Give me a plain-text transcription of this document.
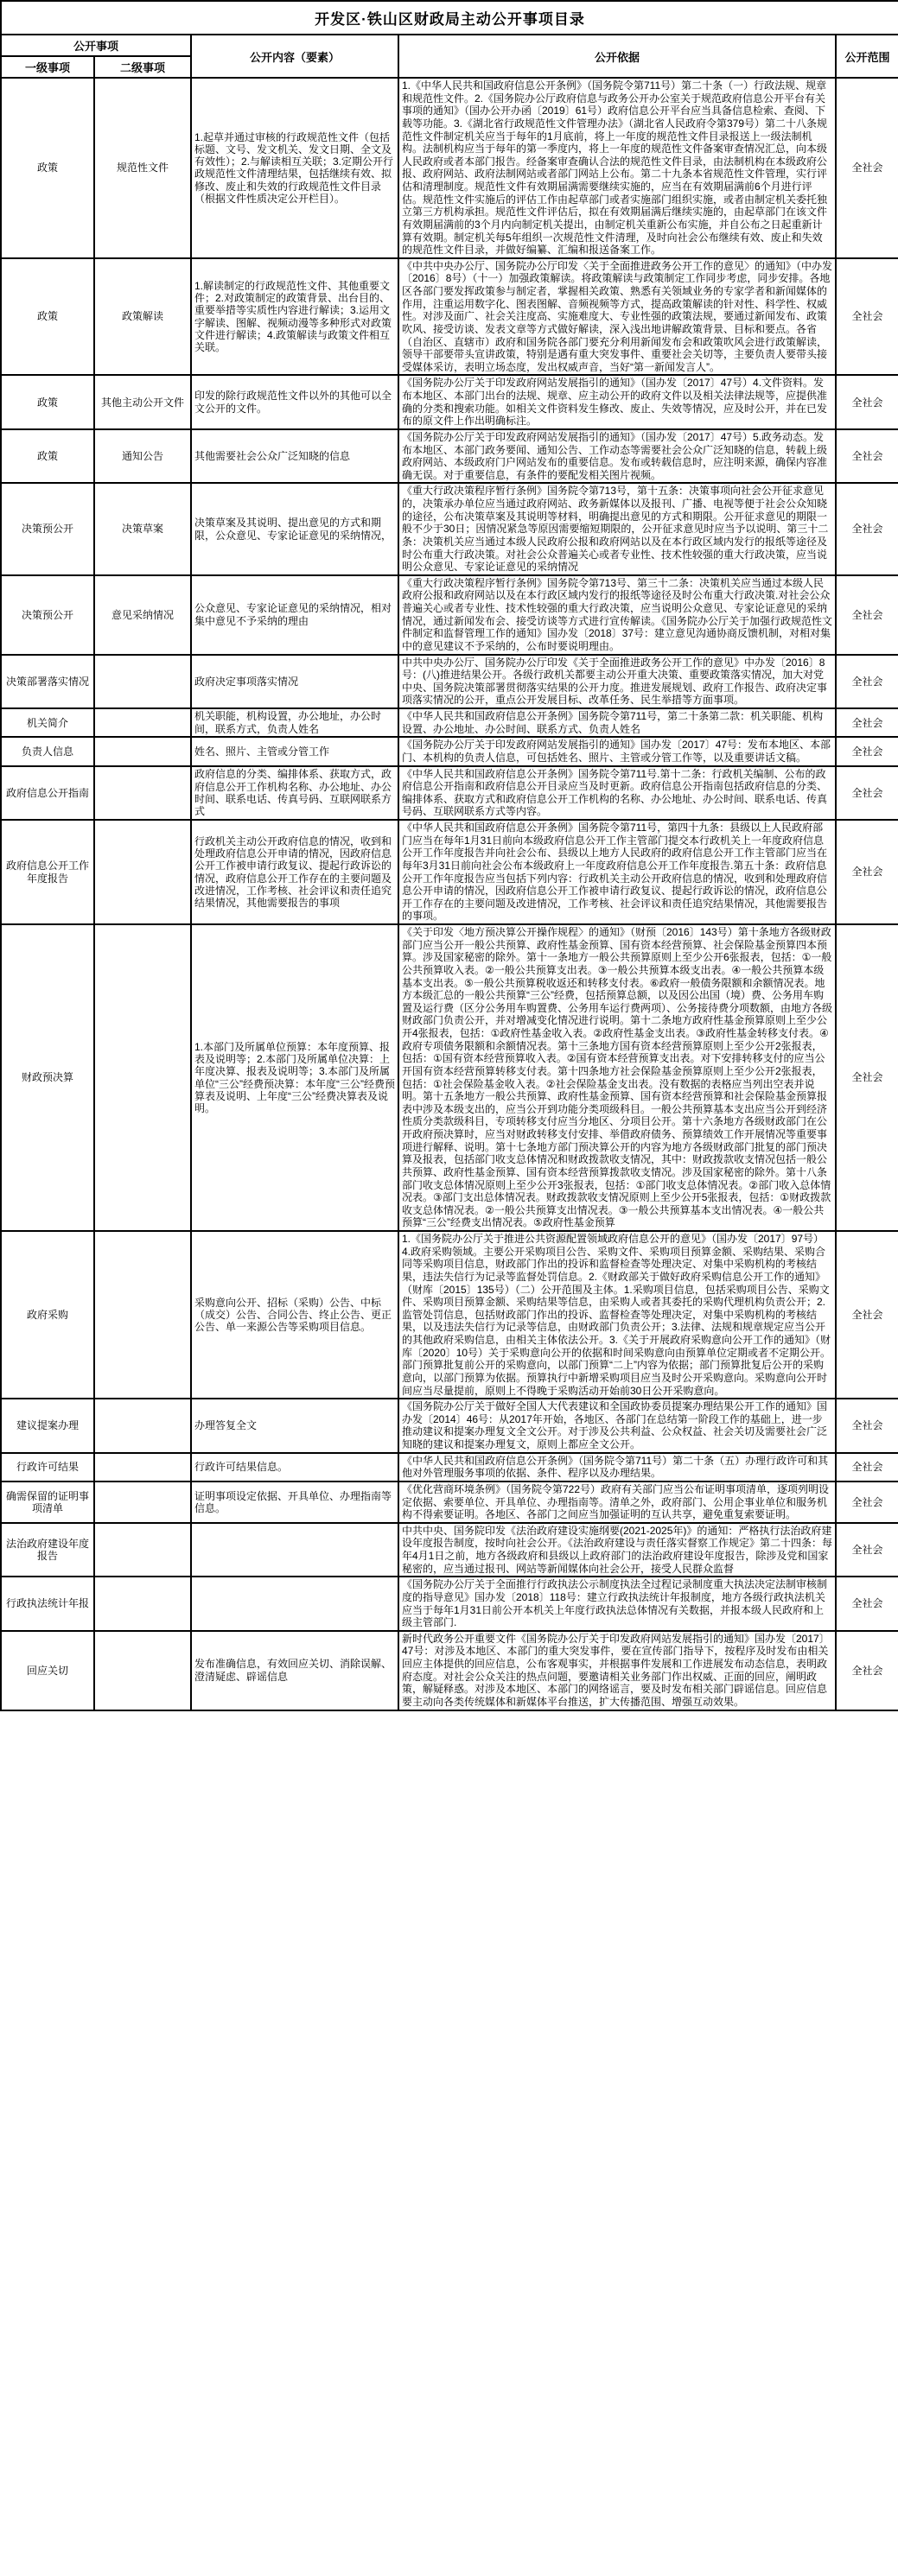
开发区·铁山区财政局主动公开事项目录				
公开事项		公开内容（要素）	公开依据	公开范围
一级事项	二级事项			
政策	规范性文件	1.起草并通过审核的行政规范性文件（包括标题、文号、发文机关、发文日期、全文及有效性）；2.与解读相互关联；3.定期公开行政规范性文件清理结果，包括继续有效、拟修改、废止和失效的行政规范性文件目录（根据文件性质决定公开栏目）。	1.《中华人民共和国政府信息公开条例》（国务院令第711号）第二十条（一）行政法规、规章和规范性文件。2.《国务院办公厅政府信息与政务公开办公室关于规范政府信息公开平台有关事项的通知》（国办公开办函〔2019〕61号）政府信息公开平台应当具备信息检索、查阅、下载等功能。3.《湖北省行政规范性文件管理办法》（湖北省人民政府令第379号）第二十八条规范性文件制定机关应当于每年的1月底前，将上一年度的规范性文件目录报送上一级法制机构。法制机构应当于每年的第一季度内，将上一年度的规范性文件备案审查情况汇总，向本级人民政府或者本部门报告。经备案审查确认合法的规范性文件目录，由法制机构在本级政府公报、政府网站、政府法制网站或者部门网站上公布。第二十九条本省规范性文件管理，实行评估和清理制度。规范性文件有效期届满需要继续实施的，应当在有效期届满前6个月进行评估。规范性文件实施后的评估工作由起草部门或者实施部门组织实施，或者由制定机关委托独立第三方机构承担。规范性文件评估后，拟在有效期届满后继续实施的，由起草部门在该文件有效期届满前的3个月内向制定机关提出，由制定机关重新公布实施，并自公布之日起重新计算有效期。制定机关每5年组织一次规范性文件清理，及时向社会公布继续有效、废止和失效的规范性文件目录，并做好编纂、汇编和报送备案工作。	全社会
政策	政策解读	1.解读制定的行政规范性文件、其他重要文件；2.对政策制定的政策背景、出台目的、重要举措等实质性内容进行解读；3.运用文字解读、图解、视频动漫等多种形式对政策文件进行解读；4.政策解读与政策文件相互关联。	《中共中央办公厅、国务院办公厅印发〈关于全面推进政务公开工作的意见〉的通知》（中办发〔2016〕8号）（十一）加强政策解读。将政策解读与政策制定工作同步考虑，同步安排。各地区各部门要发挥政策参与制定者，掌握相关政策、熟悉有关领域业务的专家学者和新闻媒体的作用，注重运用数字化、图表图解、音频视频等方式，提高政策解读的针对性、科学性、权威性。对涉及面广、社会关注度高、实施难度大、专业性强的政策法规，要通过新闻发布、政策吹风、接受访谈、发表文章等方式做好解读，深入浅出地讲解政策背景、目标和要点。各省（自治区、直辖市）政府和国务院各部门要充分利用新闻发布会和政策吹风会进行政策解读，领导干部要带头宣讲政策，特别是遇有重大突发事件、重要社会关切等，主要负责人要带头接受媒体采访，表明立场态度，发出权威声音，当好“第一新闻发言人”。	全社会
政策	其他主动公开文件	印发的除行政规范性文件以外的其他可以全文公开的文件。	《国务院办公厅关于印发政府网站发展指引的通知》（国办发〔2017〕47号）4.文件资料。发布本地区、本部门出台的法规、规章、应主动公开的政府文件以及相关法律法规等，应提供准确的分类和搜索功能。如相关文件资料发生修改、废止、失效等情况，应及时公开，并在已发布的原文件上作出明确标注。	全社会
政策	通知公告	其他需要社会公众广泛知晓的信息	《国务院办公厅关于印发政府网站发展指引的通知》（国办发〔2017〕47号）5.政务动态。发布本地区、本部门政务要闻、通知公告、工作动态等需要社会公众广泛知晓的信息，转载上级政府网站、本级政府门户网站发布的重要信息。发布或转载信息时，应注明来源，确保内容准确无误。对于重要信息，有条件的要配发相关图片视频。	全社会
决策预公开	决策草案	决策草案及其说明、提出意见的方式和期限，公众意见、专家论证意见的采纳情况，	《重大行政决策程序暂行条例》国务院令第713号，第十五条：决策事项向社会公开征求意见的，决策承办单位应当通过政府网站、政务新媒体以及报刊、广播、电视等便于社会公众知晓的途径，公布决策草案及其说明等材料，明确提出意见的方式和期限。公开征求意见的期限一般不少于30日；因情况紧急等原因需要缩短期限的，公开征求意见时应当予以说明、第三十二条：决策机关应当通过本级人民政府公报和政府网站以及在本行政区域内发行的报纸等途径及时公布重大行政决策。对社会公众普遍关心或者专业性、技术性较强的重大行政决策，应当说明公众意见、专家论证意见的采纳情况	全社会
决策预公开	意见采纳情况	公众意见、专家论证意见的采纳情况，相对集中意见不予采纳的理由	《重大行政决策程序暂行条例》国务院令第713号、第三十二条：决策机关应当通过本级人民政府公报和政府网站以及在本行政区域内发行的报纸等途径及时公布重大行政决策.对社会公众普遍关心或者专业性、技术性较强的重大行政决策，应当说明公众意见、专家论证意见的采纳情况，通过新闻发布会、接受访谈等方式进行宣传解读。《国务院办公厅关于加强行政规范性文件制定和监督管理工作的通知》国办发〔2018〕37号：建立意见沟通协商反馈机制，对相对集中的意见建议不予采纳的，公布时要说明理由。	全社会
决策部署落实情况		政府决定事项落实情况	中共中央办公厅、国务院办公厅印发《关于全面推进政务公开工作的意见》中办发〔2016〕8号：(八)推进结果公开。各级行政机关都要主动公开重大决策、重要政策落实情况，加大对党中央、国务院决策部署贯彻落实结果的公开力度。推进发展规划、政府工作报告、政府决定事项落实情况的公开，重点公开发展目标、改革任务、民生举措等方面事项。	全社会
机关简介		机关职能，机构设置，办公地址，办公时间，联系方式，负责人姓名	《中华人民共和国政府信息公开条例》国务院令第711号，第二十条第二款：机关职能、机构设置、办公地址、办公时间、联系方式、负责人姓名	全社会
负责人信息		姓名、照片、主管或分管工作	《国务院办公厅关于印发政府网站发展指引的通知》国办发〔2017〕47号：发布本地区、本部门、本机构的负责人信息，可包括姓名、照片、主管或分管工作等，以及重要讲话文稿。	全社会
政府信息公开指南		政府信息的分类、编排体系、获取方式，政府信息公开工作机构名称、办公地址、办公时间、联系电话、传真号码、互联网联系方式	《中华人民共和国政府信息公开条例》国务院令第711号.第十二条：行政机关编制、公布的政府信息公开指南和政府信息公开目录应当及时更新。政府信息公开指南包括政府信息的分类、编排体系、获取方式和政府信息公开工作机构的名称、办公地址、办公时间、联系电话、传真号码、互联网联系方式等内容。	全社会
政府信息公开工作年度报告		行政机关主动公开政府信息的情况，收到和处理政府信息公开申请的情况，因政府信息公开工作被申请行政复议、提起行政诉讼的情况，政府信息公开工作存在的主要问题及改进情况，工作考核、社会评议和责任追究结果情况，其他需要报告的事项	《中华人民共和国政府信息公开条例》国务院令第711号，第四十九条：县级以上人民政府部门应当在每年1月31日前向本级政府信息公开工作主管部门提交本行政机关上一年度政府信息公开工作年度报告并向社会公布、县级以上地方人民政府的政府信息公开工作主管部门应当在每年3月31日前向社会公布本级政府上一年度政府信息公开工作年度报告.第五十条：政府信息公开工作年度报告应当包括下列内容：行政机关主动公开政府信息的情况，收到和处理政府信息公开申请的情况，因政府信息公开工作被申请行政复议、提起行政诉讼的情况，政府信息公开工作存在的主要问题及改进情况，工作考核、社会评议和责任追究结果情况，其他需要报告的事项。	全社会
财政预决算		1.本部门及所属单位预算：本年度预算、报表及说明等；2.本部门及所属单位决算：上年度决算、报表及说明等；3.本部门及所属单位“三公”经费预决算：本年度“三公”经费预算表及说明、上年度“三公”经费决算表及说明。	《关于印发〈地方预决算公开操作规程〉的通知》（财预〔2016〕143号）第十条地方各级财政部门应当公开一般公共预算、政府性基金预算、国有资本经营预算、社会保险基金预算四本预算。涉及国家秘密的除外。第十一条地方一般公共预算原则上至少公开6张报表，包括：①一般公共预算收入表。②一般公共预算支出表。③一般公共预算本级支出表。④一般公共预算本级基本支出表。⑤一般公共预算税收返还和转移支付表。⑥政府一般债务限额和余额情况表。地方本级汇总的一般公共预算“三公”经费，包括预算总额，以及因公出国（境）费、公务用车购置及运行费（区分公务用车购置费、公务用车运行费两项）、公务接待费分项数额，由地方各级财政部门负责公开，并对增减变化情况进行说明。第十二条地方政府性基金预算原则上至少公开4张报表，包括：①政府性基金收入表。②政府性基金支出表。③政府性基金转移支付表。④政府专项债务限额和余额情况表。第十三条地方国有资本经营预算原则上至少公开2张报表，包括：①国有资本经营预算收入表。②国有资本经营预算支出表。对下安排转移支付的应当公开国有资本经营预算转移支付表。第十四条地方社会保险基金预算原则上至少公开2张报表，包括：①社会保险基金收入表。②社会保险基金支出表。没有数据的表格应当列出空表并说明。第十五条地方一般公共预算、政府性基金预算、国有资本经营预算和社会保险基金预算报表中涉及本级支出的，应当公开到功能分类项级科目。一般公共预算基本支出应当公开到经济性质分类款级科目，专项转移支付应当分地区、分项目公开。第十六条地方各级财政部门在公开政府预决算时，应当对财政转移支付安排、举借政府债务、预算绩效工作开展情况等重要事项进行解释、说明。第十七条地方部门预决算公开的内容为地方各级财政部门批复的部门预决算及报表，包括部门收支总体情况和财政拨款收支情况，其中：财政拨款收支情况包括一般公共预算、政府性基金预算、国有资本经营预算拨款收支情况。涉及国家秘密的除外。第十八条部门收支总体情况原则上至少公开3张报表，包括：①部门收支总体情况表。②部门收入总体情况表。③部门支出总体情况表。财政拨款收支情况原则上至少公开5张报表，包括：①财政拨款收支总体情况表。②一般公共预算支出情况表。③一般公共预算基本支出情况表。④一般公共预算“三公”经费支出情况表。⑤政府性基金预算	全社会
政府采购		采购意向公开、招标（采购）公告、中标（成交）公告、合同公告、终止公告、更正公告、单一来源公告等采购项目信息。	1.《国务院办公厅关于推进公共资源配置领域政府信息公开的意见》（国办发〔2017〕97号）4.政府采购领域。主要公开采购项目公告、采购文件、采购项目预算金额、采购结果、采购合同等采购项目信息，财政部门作出的投诉和监督检查等处理决定、对集中采购机构的考核结果，违法失信行为记录等监督处罚信息。2.《财政部关于做好政府采购信息公开工作的通知》（财库〔2015〕135号）（二）公开范围及主体。1.采购项目信息，包括采购项目公告、采购文件、采购项目预算金额、采购结果等信息，由采购人或者其委托的采购代理机构负责公开；2.监管处罚信息，包括财政部门作出的投诉、监督检查等处理决定，对集中采购机构的考核结果，以及违法失信行为记录等信息，由财政部门负责公开；3.法律、法规和规章规定应当公开的其他政府采购信息，由相关主体依法公开。3.《关于开展政府采购意向公开工作的通知》（财库〔2020〕10号）关于采购意向公开的依据和时间采购意向由预算单位定期或者不定期公开。部门预算批复前公开的采购意向，以部门预算“二上”内容为依据；部门预算批复后公开的采购意向，以部门预算为依据。预算执行中新增采购项目应当及时公开采购意向。采购意向公开时间应当尽量提前，原则上不得晚于采购活动开始前30日公开采购意向。	全社会
建议提案办理		办理答复全文	《国务院办公厅关于做好全国人大代表建议和全国政协委员提案办理结果公开工作的通知》国办发〔2014〕46号：从2017年开始，各地区、各部门在总结第一阶段工作的基础上，进一步推动建议和提案办理复文全文公开。对于涉及公共利益、公众权益、社会关切及需要社会广泛知晓的建议和提案办理复文，原则上都应全文公开。	全社会
行政许可结果		行政许可结果信息。	《中华人民共和国政府信息公开条例》（国务院令第711号）第二十条（五）办理行政许可和其他对外管理服务事项的依据、条件、程序以及办理结果。	全社会
确需保留的证明事项清单		证明事项设定依据、开具单位、办理指南等信息。	《优化营商环境条例》（国务院令第722号）政府有关部门应当公布证明事项清单，逐项列明设定依据、索要单位、开具单位、办理指南等。清单之外，政府部门、公用企事业单位和服务机构不得索要证明。各地区、各部门之间应当加强证明的互认共享，避免重复索要证明。	全社会
法治政府建设年度报告			中共中央、国务院印发《法治政府建设实施纲要(2021-2025年)》的通知：严格执行法治政府建设年度报告制度，按时向社会公开。《法治政府建设与责任落实督察工作规定》第二十四条：每年4月1日之前，地方各级政府和县级以上政府部门的法治政府建设年度报告，除涉及党和国家秘密的，应当通过报刊、网站等新闻媒体向社会公开，接受人民群众监督	全社会
行政执法统计年报			《国务院办公厅关于全面推行行政执法公示制度执法全过程记录制度重大执法决定法制审核制度的指导意见》国办发〔2018〕118号：建立行政执法统计年报制度，地方各级行政执法机关应当于每年1月31日前公开本机关上年度行政执法总体情况有关数据，并报本级人民政府和上级主管部门.	全社会
回应关切		发布准确信息，有效回应关切、消除误解、澄清疑虑、辟谣信息	新时代政务公开重要文件《国务院办公厅关于印发政府网站发展指引的通知》国办发〔2017〕47号：对涉及本地区、本部门的重大突发事件，要在宣传部门指导下，按程序及时发布由相关回应主体提供的回应信息，公布客观事实，并根据事件发展和工作进展发布动态信息，表明政府态度。对社会公众关注的热点问题，要邀请相关业务部门作出权威、正面的回应，阐明政策，解疑释惑。对涉及本地区、本部门的网络谣言，要及时发布相关部门辟谣信息。回应信息要主动向各类传统媒体和新媒体平台推送，扩大传播范围、增强互动效果。	全社会
